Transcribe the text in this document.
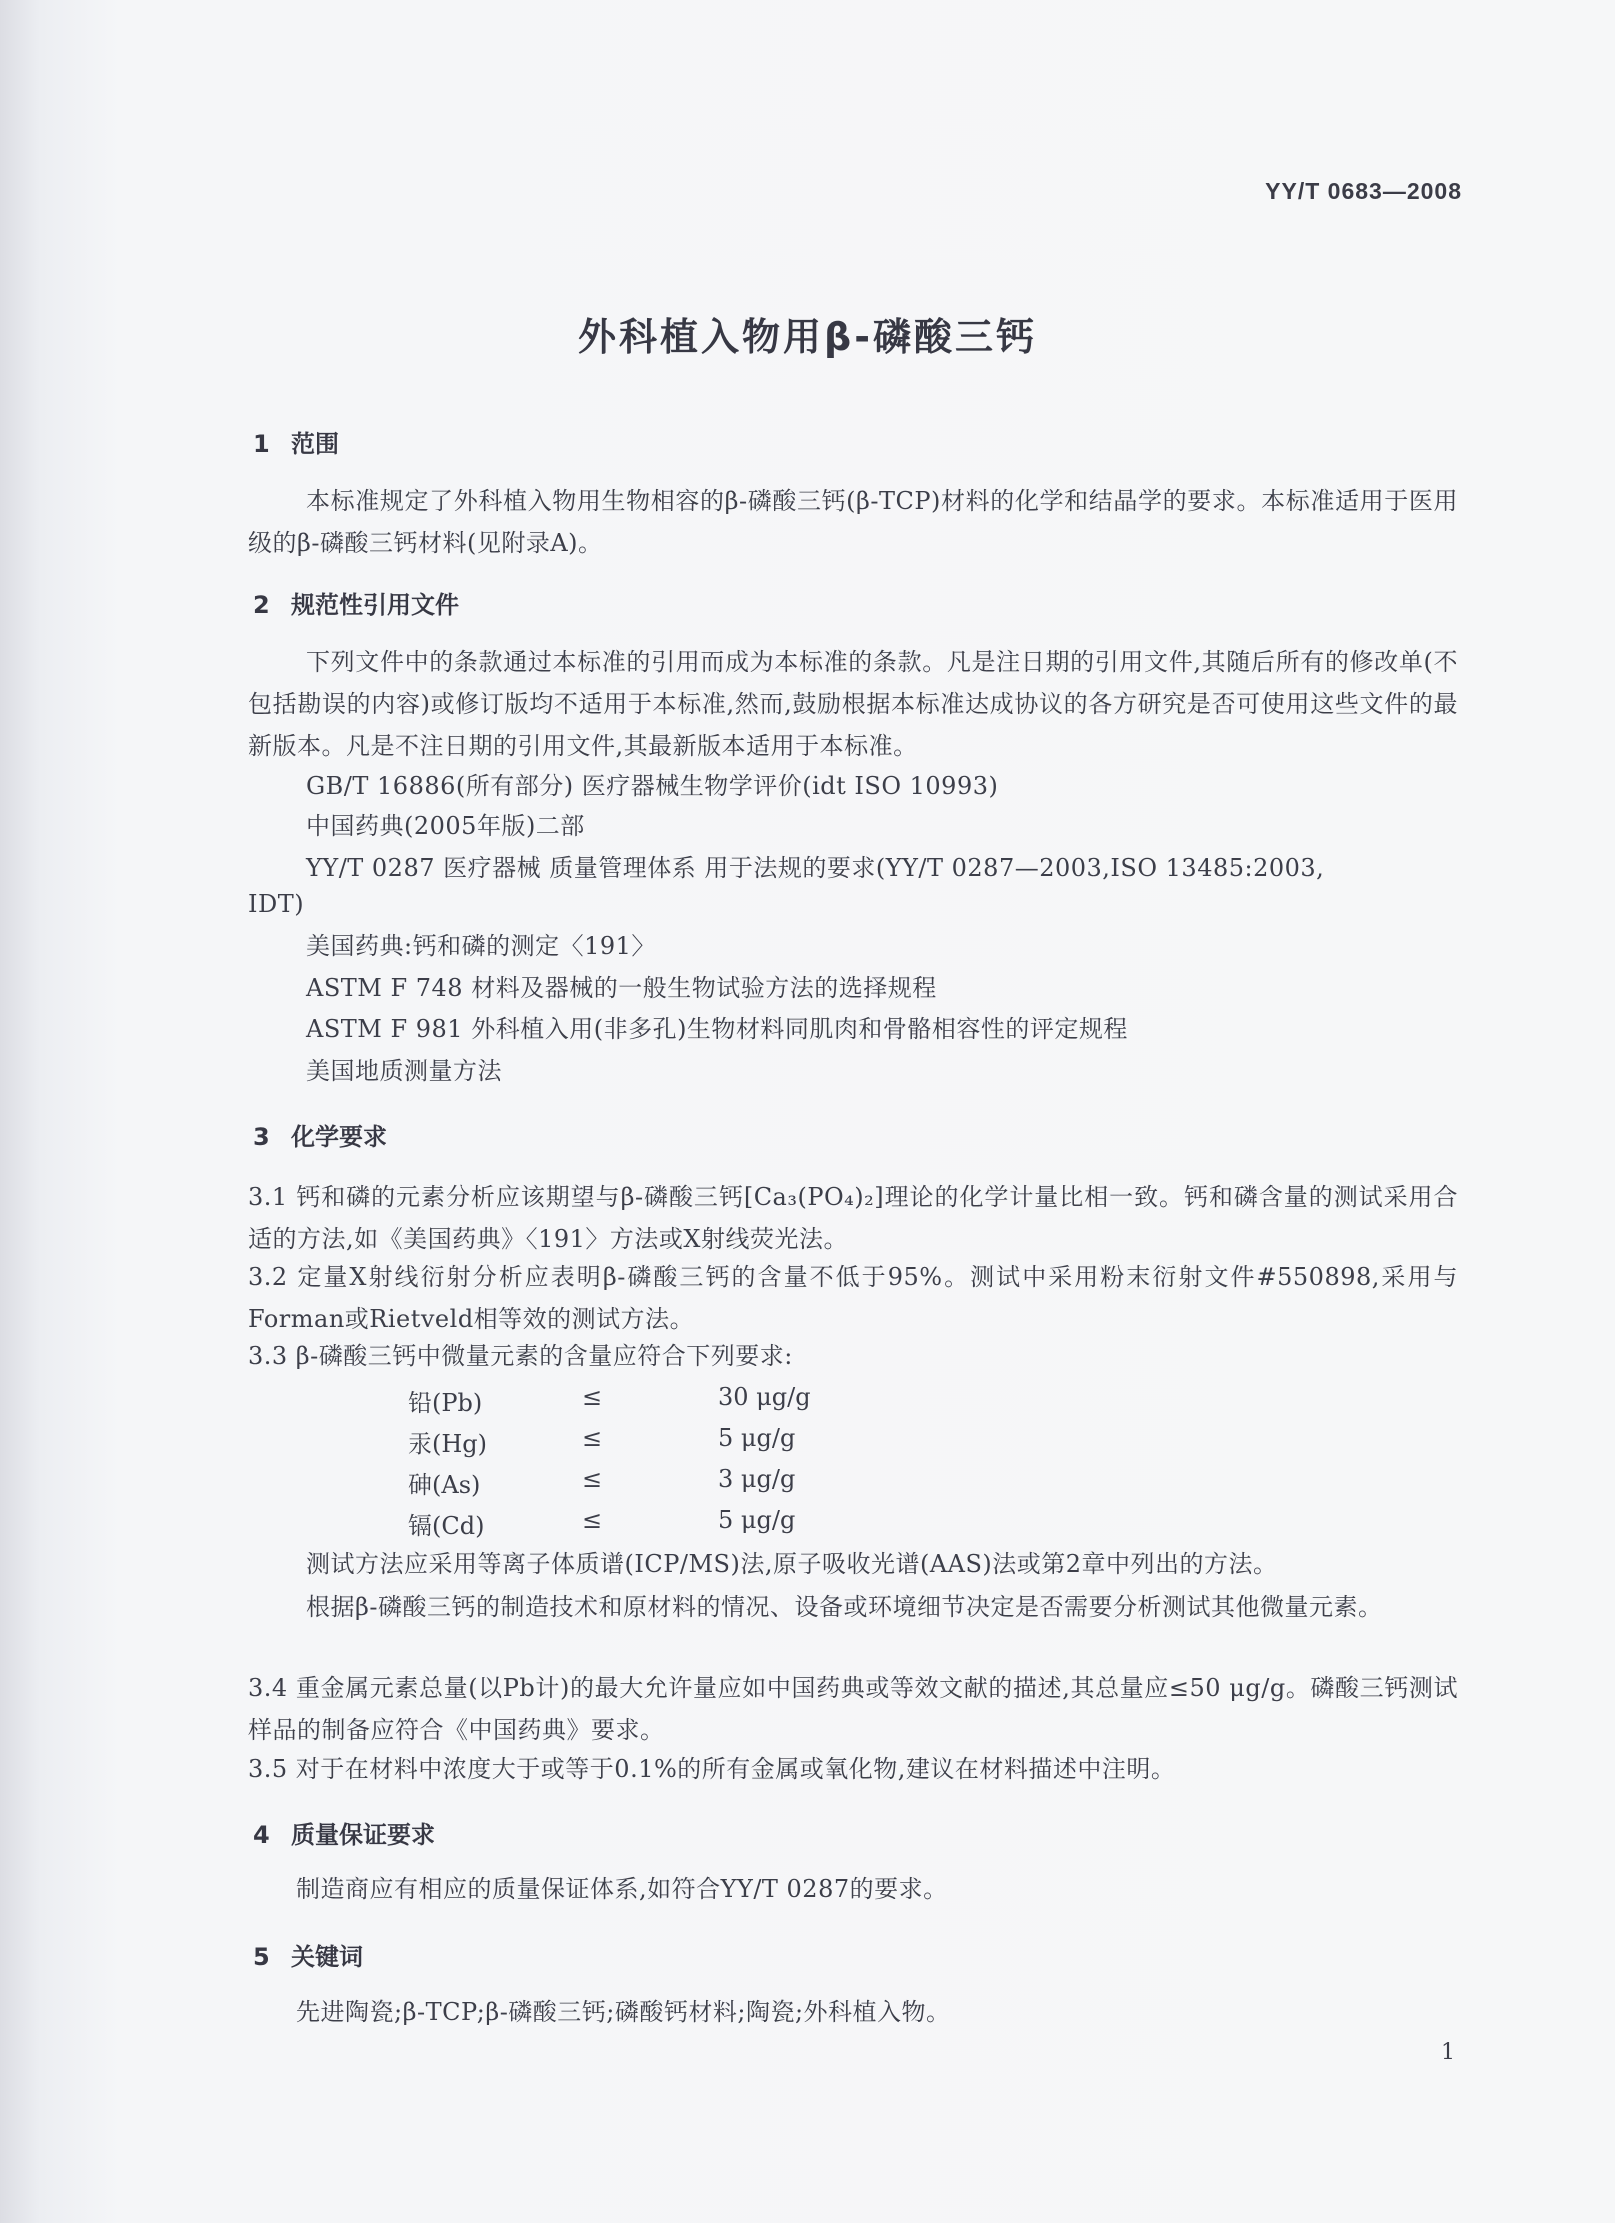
YY/T 0683—2008
外科植入物用β-磷酸三钙
1 范围
本标准规定了外科植入物用生物相容的β-磷酸三钙(β-TCP)材料的化学和结晶学的要求。本标准适用于医用级的β-磷酸三钙材料(见附录A)。
2 规范性引用文件
下列文件中的条款通过本标准的引用而成为本标准的条款。凡是注日期的引用文件,其随后所有的修改单(不包括勘误的内容)或修订版均不适用于本标准,然而,鼓励根据本标准达成协议的各方研究是否可使用这些文件的最新版本。凡是不注日期的引用文件,其最新版本适用于本标准。
GB/T 16886(所有部分) 医疗器械生物学评价(idt ISO 10993)
中国药典(2005年版)二部
YY/T 0287 医疗器械 质量管理体系 用于法规的要求(YY/T 0287—2003,ISO 13485:2003,
IDT)
美国药典:钙和磷的测定〈191〉
ASTM F 748 材料及器械的一般生物试验方法的选择规程
ASTM F 981 外科植入用(非多孔)生物材料同肌肉和骨骼相容性的评定规程
美国地质测量方法
3 化学要求
3.1 钙和磷的元素分析应该期望与β-磷酸三钙[Ca₃(PO₄)₂]理论的化学计量比相一致。钙和磷含量的测试采用合适的方法,如《美国药典》〈191〉方法或X射线荧光法。
3.2 定量X射线衍射分析应表明β-磷酸三钙的含量不低于95%。测试中采用粉末衍射文件#550898,采用与Forman或Rietveld相等效的测试方法。
3.3 β-磷酸三钙中微量元素的含量应符合下列要求:
铅(Pb)	≤	30 μg/g
汞(Hg)	≤	5 μg/g
砷(As)	≤	3 μg/g
镉(Cd)	≤	5 μg/g
测试方法应采用等离子体质谱(ICP/MS)法,原子吸收光谱(AAS)法或第2章中列出的方法。
根据β-磷酸三钙的制造技术和原材料的情况、设备或环境细节决定是否需要分析测试其他微量元素。
3.4 重金属元素总量(以Pb计)的最大允许量应如中国药典或等效文献的描述,其总量应≤50 μg/g。磷酸三钙测试样品的制备应符合《中国药典》要求。
3.5 对于在材料中浓度大于或等于0.1%的所有金属或氧化物,建议在材料描述中注明。
4 质量保证要求
制造商应有相应的质量保证体系,如符合YY/T 0287的要求。
5 关键词
先进陶瓷;β-TCP;β-磷酸三钙;磷酸钙材料;陶瓷;外科植入物。
1
